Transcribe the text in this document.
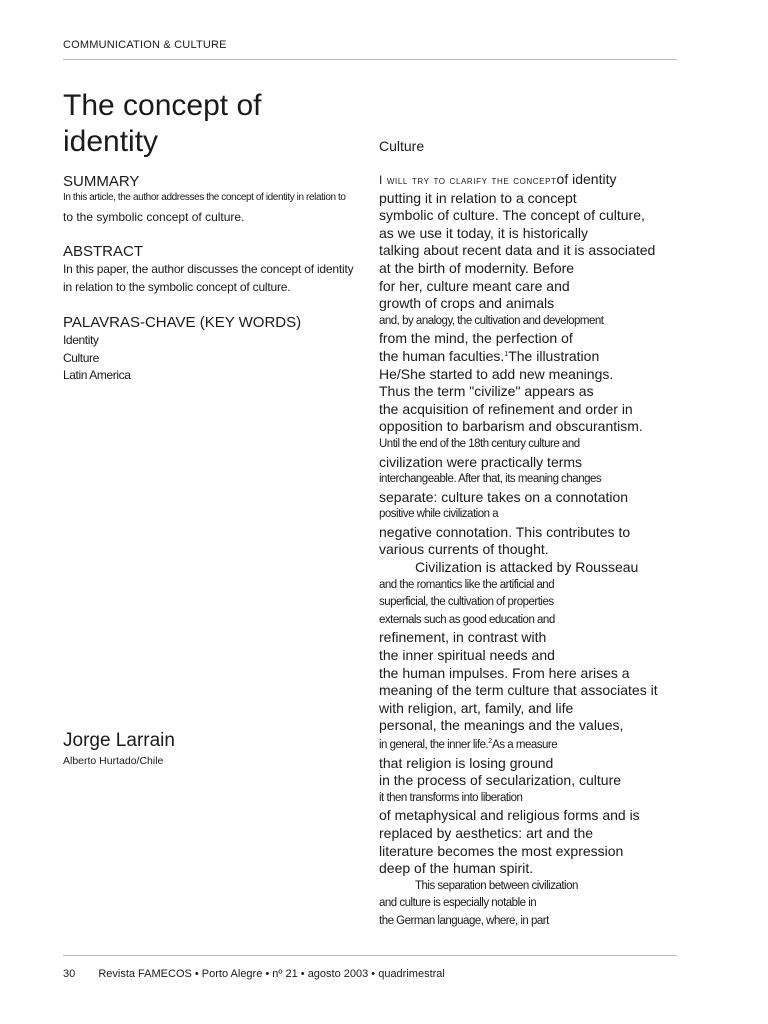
COMMUNICATION & CULTURE
The concept of
identity
SUMMARY
In this article, the author addresses the concept of identity in relation to
to the symbolic concept of culture.
ABSTRACT
In this paper, the author discusses the concept of identity in relation to the symbolic concept of culture.
PALAVRAS-CHAVE (KEY WORDS)
Identity
Culture
Latin America
Jorge Larrain
Alberto Hurtado/Chile
Culture
I will try to clarify the conceptof identity
putting it in relation to a concept
symbolic of culture. The concept of culture,
as we use it today, it is historically
talking about recent data and it is associated
at the birth of modernity. Before
for her, culture meant care and
growth of crops and animals
and, by analogy, the cultivation and development
from the mind, the perfection of
the human faculties.$^1$The illustration
He/She started to add new meanings.
Thus the term "civilize" appears as
the acquisition of refinement and order in
opposition to barbarism and obscurantism.
Until the end of the 18th century culture and
civilization were practically terms
interchangeable. After that, its meaning changes
separate: culture takes on a connotation
positive while civilization a
negative connotation. This contributes to
various currents of thought.
Civilization is attacked by Rousseau
and the romantics like the artificial and
superficial, the cultivation of properties
externals such as good education and
refinement, in contrast with
the inner spiritual needs and
the human impulses. From here arises a
meaning of the term culture that associates it
with religion, art, family, and life
personal, the meanings and the values,
in general, the inner life.$^2$As a measure
that religion is losing ground
in the process of secularization, culture
it then transforms into liberation
of metaphysical and religious forms and is
replaced by aesthetics: art and the
literature becomes the most expression
deep of the human spirit.
This separation between civilization
and culture is especially notable in
the German language, where, in part
30 Revista FAMECOS • Porto Alegre • nº 21 • agosto 2003 • quadrimestral
